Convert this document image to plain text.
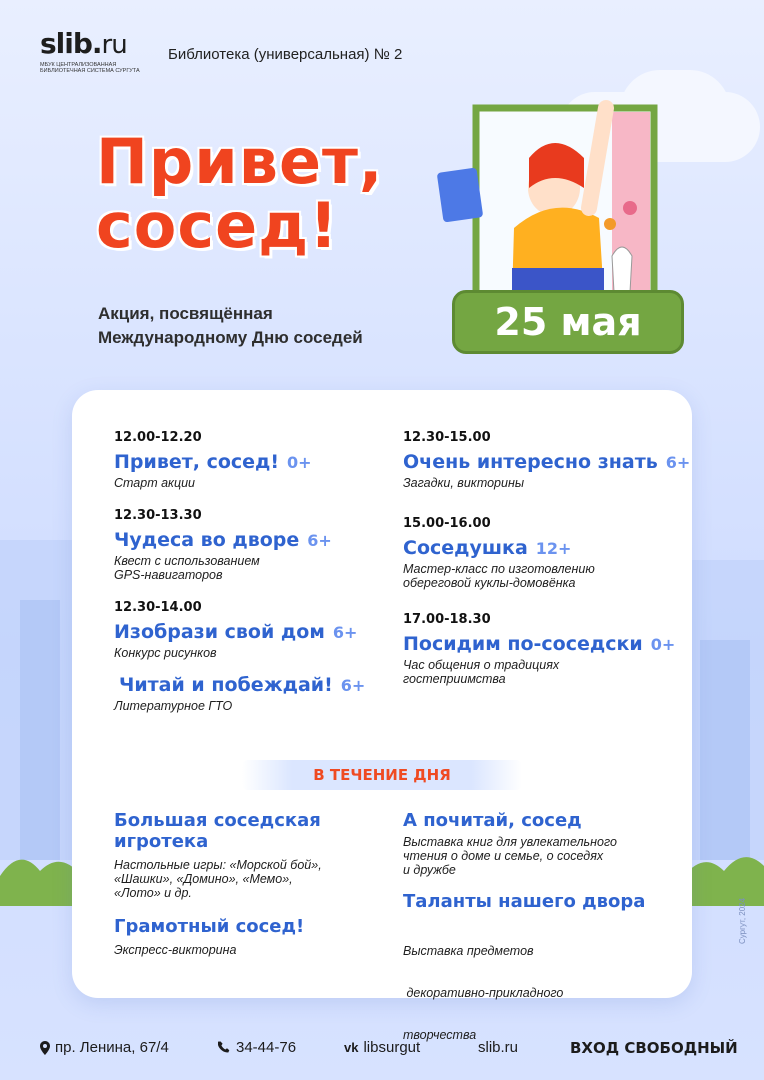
slib.ru
МБУК ЦЕНТРАЛИЗОВАННАЯ БИБЛИОТЕЧНАЯ СИСТЕМА СУРГУТА
Библиотека (универсальная) № 2
Привет,
сосед!
Акция, посвящённая
Международному Дню соседей	25 мая
12.00-12.20
Привет, сосед! 0+
Старт акции
12.30-13.30
Чудеса во дворе 6+
Квест с использованием
GPS-навигаторов
12.30-14.00
Изобрази свой дом 6+
Конкурс рисунков
Читай и побеждай! 6+
Литературное ГТО
12.30-15.00
Очень интересно знать 6+
Загадки, викторины
15.00-16.00
Соседушка 12+
Мастер-класс по изготовлению
обереговой куклы-домовёнка
17.00-18.30
Посидим по-соседски 0+
Час общения о традициях
гостеприимства
В ТЕЧЕНИЕ ДНЯ
Большая соседская
игротека
Настольные игры: «Морской бой»,
«Шашки», «Домино», «Мемо»,
«Лото» и др.
Грамотный сосед!
Экспресс-викторина
А почитай, сосед
Выставка книг для увлекательного
чтения о доме и семье, о соседях
и дружбе
Таланты нашего двора

Выставка предметов

декоративно-прикладного

творчества

Сургут, 2024
пр. Ленина, 67/4	34-44-76	vk libsurgut	slib.ru	ВХОД СВОБОДНЫЙ
